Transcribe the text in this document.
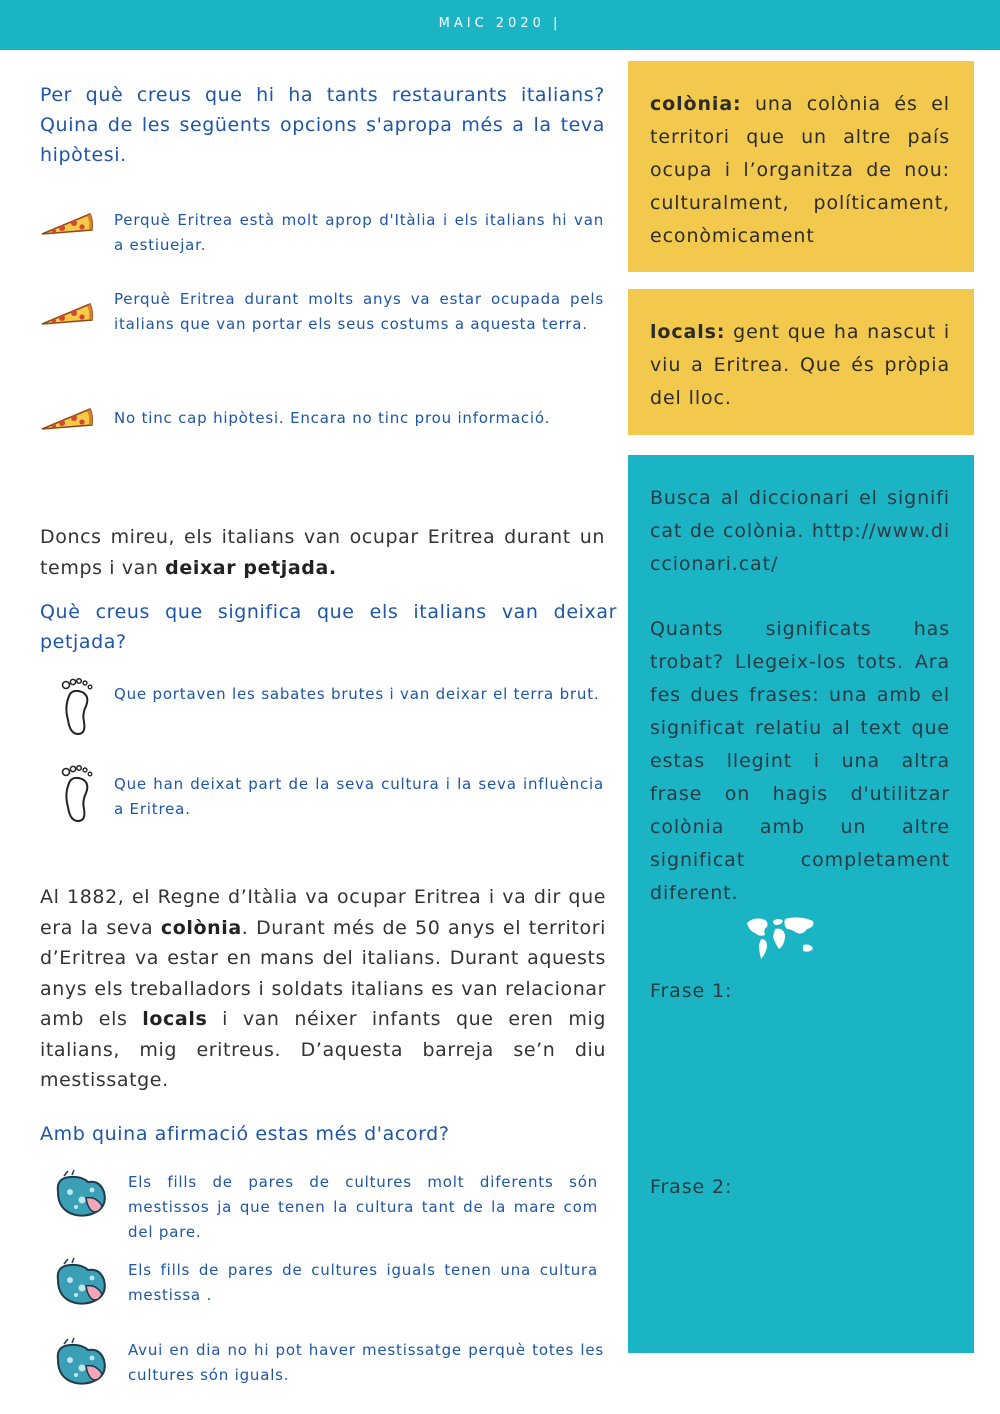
MAIC 2020 |
Per què creus que hi ha tants restaurants italians? Quina de les següents opcions s'apropa més a la teva hipòtesi.
Perquè Eritrea està molt aprop d'Itàlia i els italians hi van a estiuejar.
Perquè Eritrea durant molts anys va estar ocupada pels italians que van portar els seus costums a aquesta terra.
No tinc cap hipòtesi. Encara no tinc prou informació.
Doncs mireu, els italians van ocupar Eritrea durant un temps i van deixar petjada.
Què creus que significa que els italians van deixar petjada?
Que portaven les sabates brutes i van deixar el terra brut.
Que han deixat part de la seva cultura i la seva influència a Eritrea.
Al 1882, el Regne d’Itàlia va ocupar Eritrea i va dir que era la seva colònia. Durant més de 50 anys el territori d’Eritrea va estar en mans del italians. Durant aquests anys els treballadors i soldats italians es van relacionar amb els locals i van néixer infants que eren mig italians, mig eritreus. D’aquesta barreja se’n diu mestissatge.
Amb quina afirmació estas més d'acord?
Els fills de pares de cultures molt diferents són mestissos ja que tenen la cultura tant de la mare com del pare.
Els fills de pares de cultures iguals tenen una cultura mestissa .
Avui en dia no hi pot haver mestissatge perquè totes les cultures són iguals.
colònia: una colònia és el territori que un altre país ocupa i l’organitza de nou: culturalment, políticament, econòmicament
locals: gent que ha nascut i viu a Eritrea. Que és pròpia del lloc.
Busca al diccionari el significat de colònia. http://www.diccionari.cat/
Quants significats has trobat? Llegeix-los tots. Ara fes dues frases: una amb el significat relatiu al text que estas llegint i una altra frase on hagis d'utilitzar colònia amb un altre significat completament diferent.
Frase 1:
Frase 2:
